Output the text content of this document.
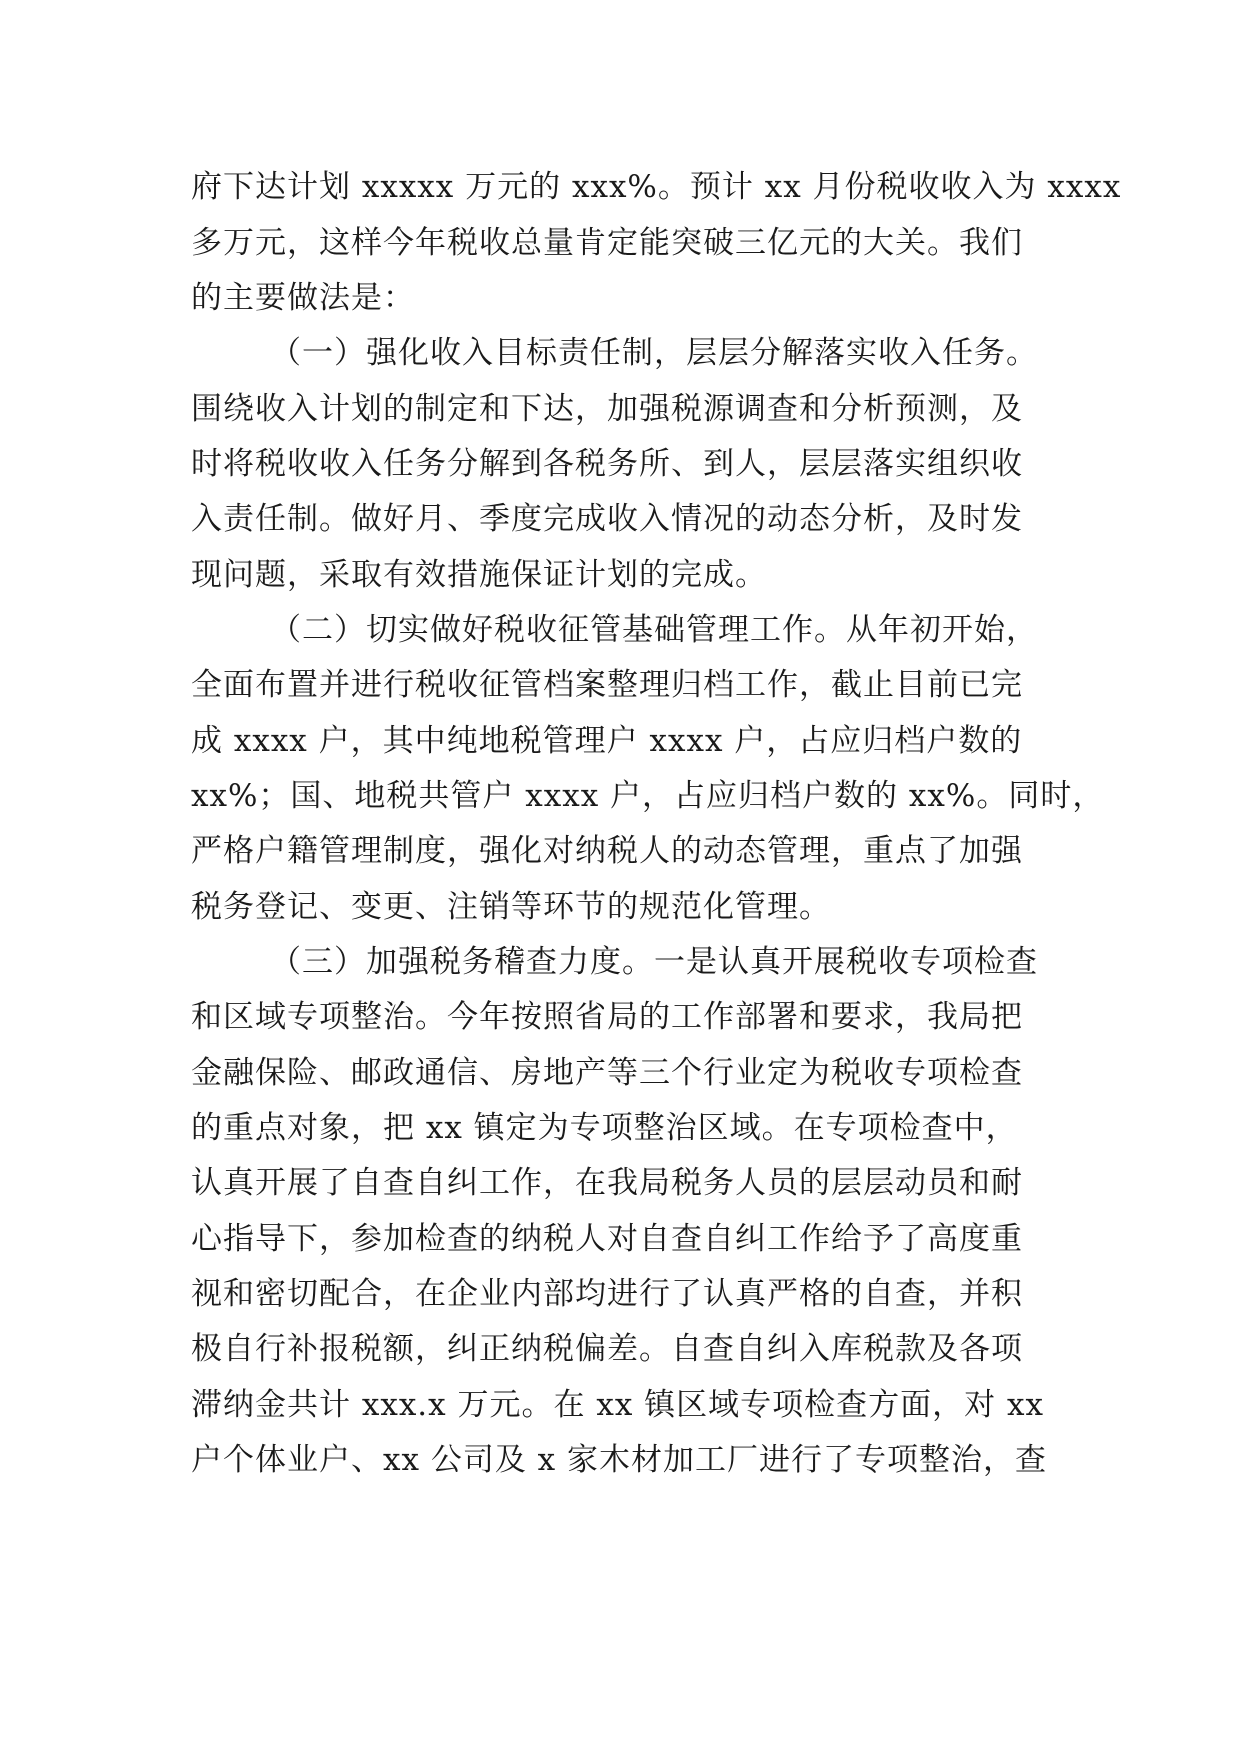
府下达计划 xxxxx 万元的 xxx%。预计 xx 月份税收收入为 xxxx
多万元，这样今年税收总量肯定能突破三亿元的大关。我们
的主要做法是：
（一）强化收入目标责任制，层层分解落实收入任务。
围绕收入计划的制定和下达，加强税源调查和分析预测，及
时将税收收入任务分解到各税务所、到人，层层落实组织收
入责任制。做好月、季度完成收入情况的动态分析，及时发
现问题，采取有效措施保证计划的完成。
（二）切实做好税收征管基础管理工作。从年初开始，
全面布置并进行税收征管档案整理归档工作，截止目前已完
成 xxxx 户，其中纯地税管理户 xxxx 户，占应归档户数的
xx%；国、地税共管户 xxxx 户，占应归档户数的 xx%。同时，
严格户籍管理制度，强化对纳税人的动态管理，重点了加强
税务登记、变更、注销等环节的规范化管理。
（三）加强税务稽查力度。一是认真开展税收专项检查
和区域专项整治。今年按照省局的工作部署和要求，我局把
金融保险、邮政通信、房地产等三个行业定为税收专项检查
的重点对象，把 xx 镇定为专项整治区域。在专项检查中，
认真开展了自查自纠工作，在我局税务人员的层层动员和耐
心指导下，参加检查的纳税人对自查自纠工作给予了高度重
视和密切配合，在企业内部均进行了认真严格的自查，并积
极自行补报税额，纠正纳税偏差。自查自纠入库税款及各项
滞纳金共计 xxx.x 万元。在 xx 镇区域专项检查方面，对 xx
户个体业户、xx 公司及 x 家木材加工厂进行了专项整治，查
